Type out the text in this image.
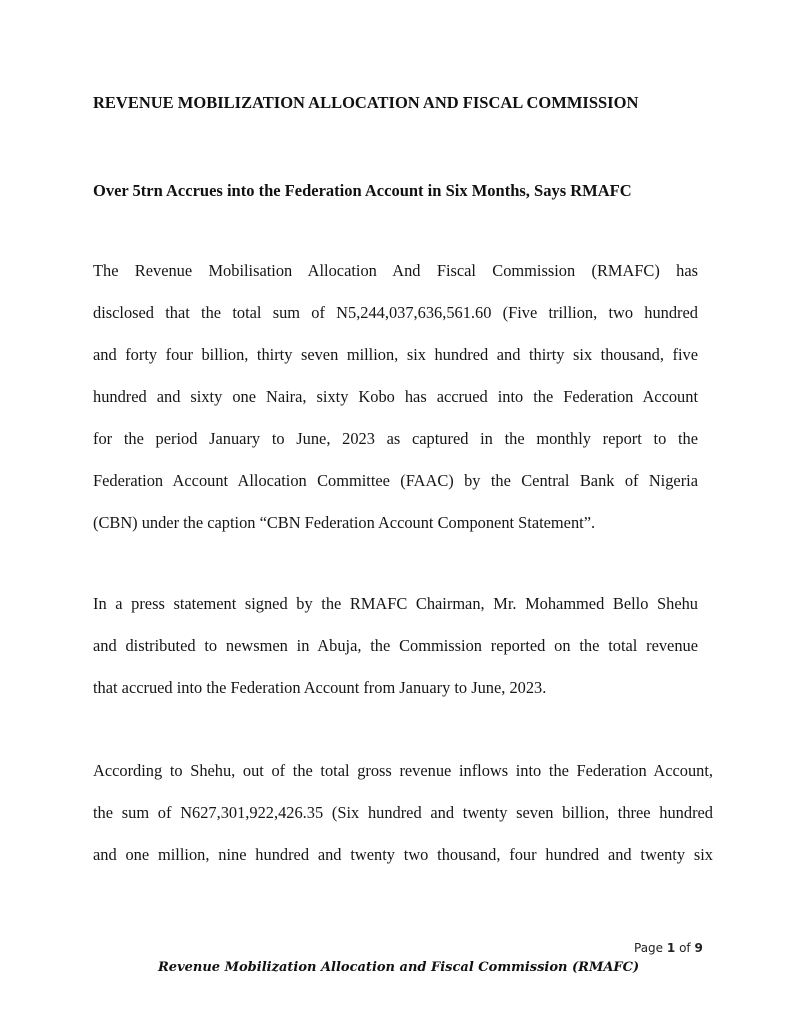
REVENUE MOBILIZATION ALLOCATION AND FISCAL COMMISSION
Over 5trn Accrues into the Federation Account in Six Months, Says RMAFC
The Revenue Mobilisation Allocation And Fiscal Commission (RMAFC) has
disclosed that the total sum of N5,244,037,636,561.60 (Five trillion, two hundred
and forty four billion, thirty seven million, six hundred and thirty six thousand, five
hundred and sixty one Naira, sixty Kobo has accrued into the Federation Account
for the period January to June, 2023 as captured in the monthly report to the
Federation Account Allocation Committee (FAAC) by the Central Bank of Nigeria
(CBN) under the caption “CBN Federation Account Component Statement”.
In a press statement signed by the RMAFC Chairman, Mr. Mohammed Bello Shehu
and distributed to newsmen in Abuja, the Commission reported on the total revenue
that accrued into the Federation Account from January to June, 2023.
According to Shehu, out of the total gross revenue inflows into the Federation Account,
the sum of N627,301,922,426.35 (Six hundred and twenty seven billion, three hundred
and one million, nine hundred and twenty two thousand, four hundred and twenty six
Page 1 of 9
Revenue Mobilization Allocation and Fiscal Commission (RMAFC)
